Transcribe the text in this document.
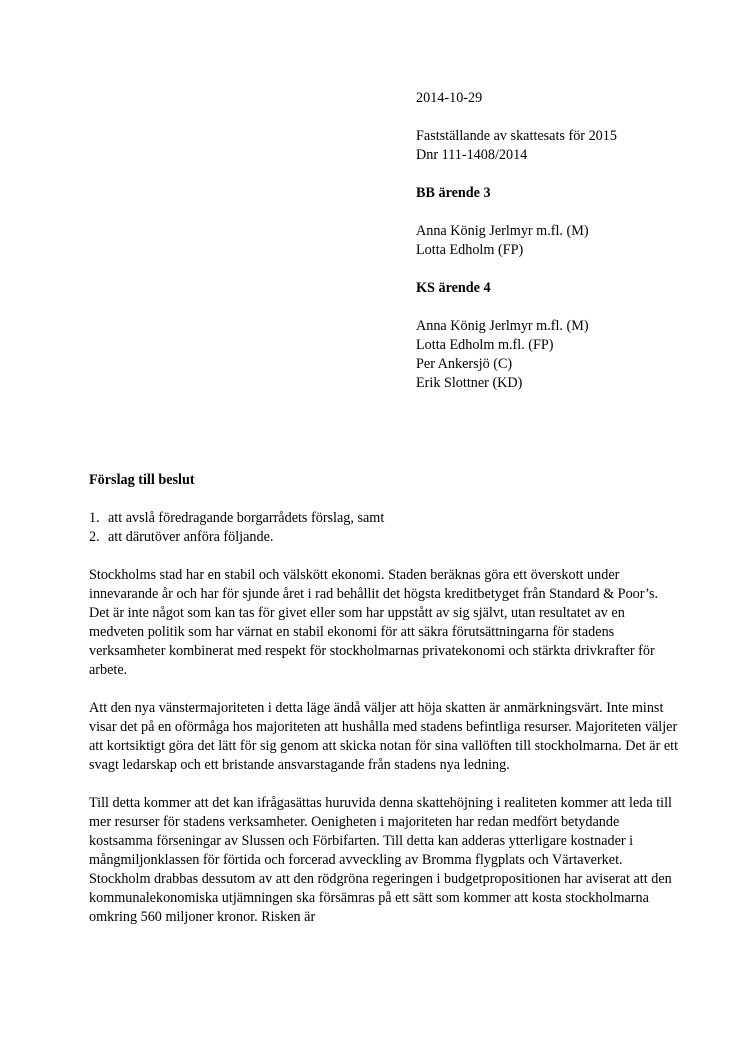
2014-10-29

Fastställande av skattesats för 2015

Dnr 111-1408/2014

BB ärende 3

Anna König Jerlmyr m.fl. (M)

Lotta Edholm (FP)

KS ärende 4

Anna König Jerlmyr m.fl. (M)

Lotta Edholm m.fl. (FP)

Per Ankersjö (C)

Erik Slottner (KD)

Förslag till beslut
1. att avslå föredragande borgarrådets förslag, samt
2. att därutöver anföra följande.

Stockholms stad har en stabil och välskött ekonomi. Staden beräknas göra ett överskott under innevarande år och har för sjunde året i rad behållit det högsta kreditbetyget från Standard & Poor’s. Det är inte något som kan tas för givet eller som har uppstått av sig självt, utan resultatet av en medveten politik som har värnat en stabil ekonomi för att säkra förutsättningarna för stadens verksamheter kombinerat med respekt för stockholmarnas privatekonomi och stärkta drivkrafter för arbete.

Att den nya vänstermajoriteten i detta läge ändå väljer att höja skatten är anmärkningsvärt. Inte minst visar det på en oförmåga hos majoriteten att hushålla med stadens befintliga resurser. Majoriteten väljer att kortsiktigt göra det lätt för sig genom att skicka notan för sina vallöften till stockholmarna. Det är ett svagt ledarskap och ett bristande ansvarstagande från stadens nya ledning.

Till detta kommer att det kan ifrågasättas huruvida denna skattehöjning i realiteten kommer att leda till mer resurser för stadens verksamheter. Oenigheten i majoriteten har redan medfört betydande kostsamma förseningar av Slussen och Förbifarten. Till detta kan adderas ytterligare kostnader i mångmiljonklassen för förtida och forcerad avveckling av Bromma flygplats och Värtaverket. Stockholm drabbas dessutom av att den rödgröna regeringen i budgetpropositionen har aviserat att den kommunalekonomiska utjämningen ska försämras på ett sätt som kommer att kosta stockholmarna omkring 560 miljoner kronor. Risken är
